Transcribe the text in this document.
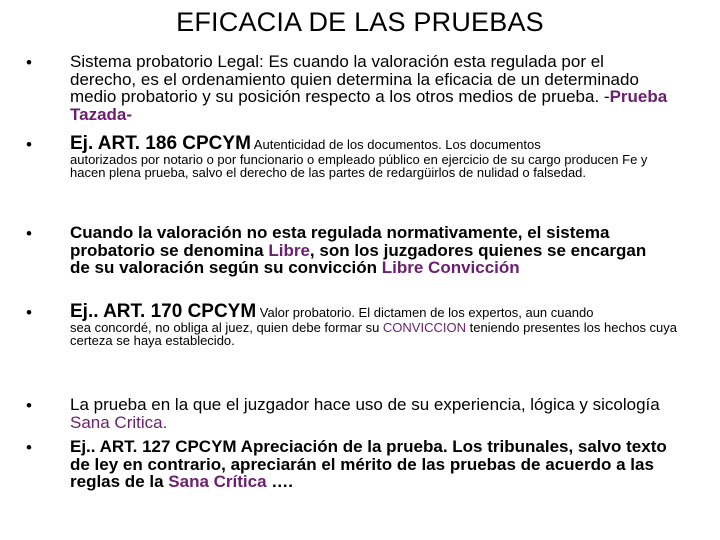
EFICACIA DE LAS PRUEBAS
• Sistema probatorio Legal: Es cuando la valoración esta regulada por el derecho, es el ordenamiento quien determina la eficacia de un determinado medio probatorio y su posición respecto a los otros medios de prueba. -Prueba Tazada-
• Ej. ART. 186 CPCYM Autenticidad de los documentos. Los documentos
autorizados por notario o por funcionario o empleado público en ejercicio de su cargo producen Fe y hacen plena prueba, salvo el derecho de las partes de redargüirlos de nulidad o falsedad.
• Cuando la valoración no esta regulada normativamente, el sistema probatorio se denomina Libre, son los juzgadores quienes se encargan de su valoración según su convicción Libre Convicción
• Ej.. ART. 170 CPCYM Valor probatorio. El dictamen de los expertos, aun cuando
sea concordé, no obliga al juez, quien debe formar su CONVICCION teniendo presentes los hechos cuya certeza se haya establecido.
• La prueba en la que el juzgador hace uso de su experiencia, lógica y sicología Sana Critica.
• Ej.. ART. 127 CPCYM Apreciación de la prueba. Los tribunales, salvo texto de ley en contrario, apreciarán el mérito de las pruebas de acuerdo a las reglas de la Sana Crítica ….
